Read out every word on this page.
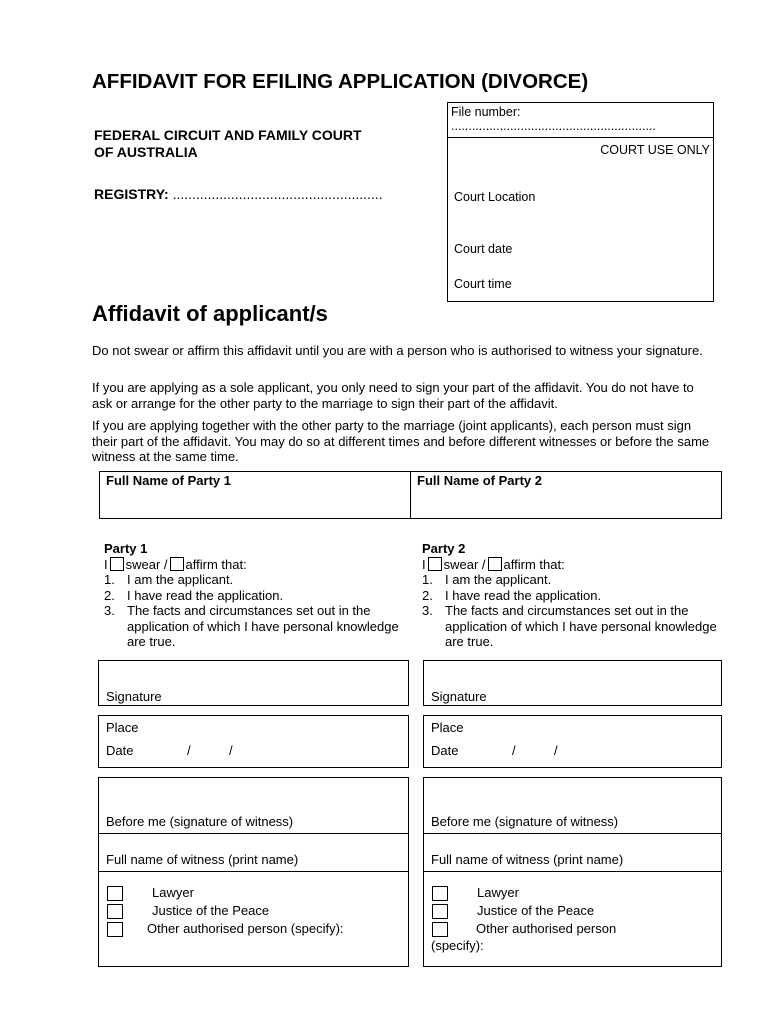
AFFIDAVIT FOR EFILING APPLICATION (DIVORCE)
FEDERAL CIRCUIT AND FAMILY COURT
OF AUSTRALIA
REGISTRY: ......................................................
File number:
...........................................................
COURT USE ONLY
Court Location
Court date
Court time
Affidavit of applicant/s
Do not swear or affirm this affidavit until you are with a person who is authorised to witness your signature.
If you are applying as a sole applicant, you only need to sign your part of the affidavit. You do not have to ask or arrange for the other party to the marriage to sign their part of the affidavit.
If you are applying together with the other party to the marriage (joint applicants), each person must sign their part of the affidavit. You may do so at different times and before different witnesses or before the same witness at the same time.
Full Name of Party 1	Full Name of Party 2
Party 1
I swear / affirm that:
1. I am the applicant.
2. I have read the application.
3. The facts and circumstances set out in the application of which I have personal knowledge are true.
Party 2
I swear / affirm that:
1. I am the applicant.
2. I have read the application.
3. The facts and circumstances set out in the application of which I have personal knowledge are true.
Signature	Signature
Place
Date	/	/
Place
Date	/	/
Before me (signature of witness)
Full name of witness (print name)
Lawyer
Justice of the Peace
Other authorised person (specify):
Before me (signature of witness)
Full name of witness (print name)
Lawyer
Justice of the Peace
Other authorised person
(specify):
